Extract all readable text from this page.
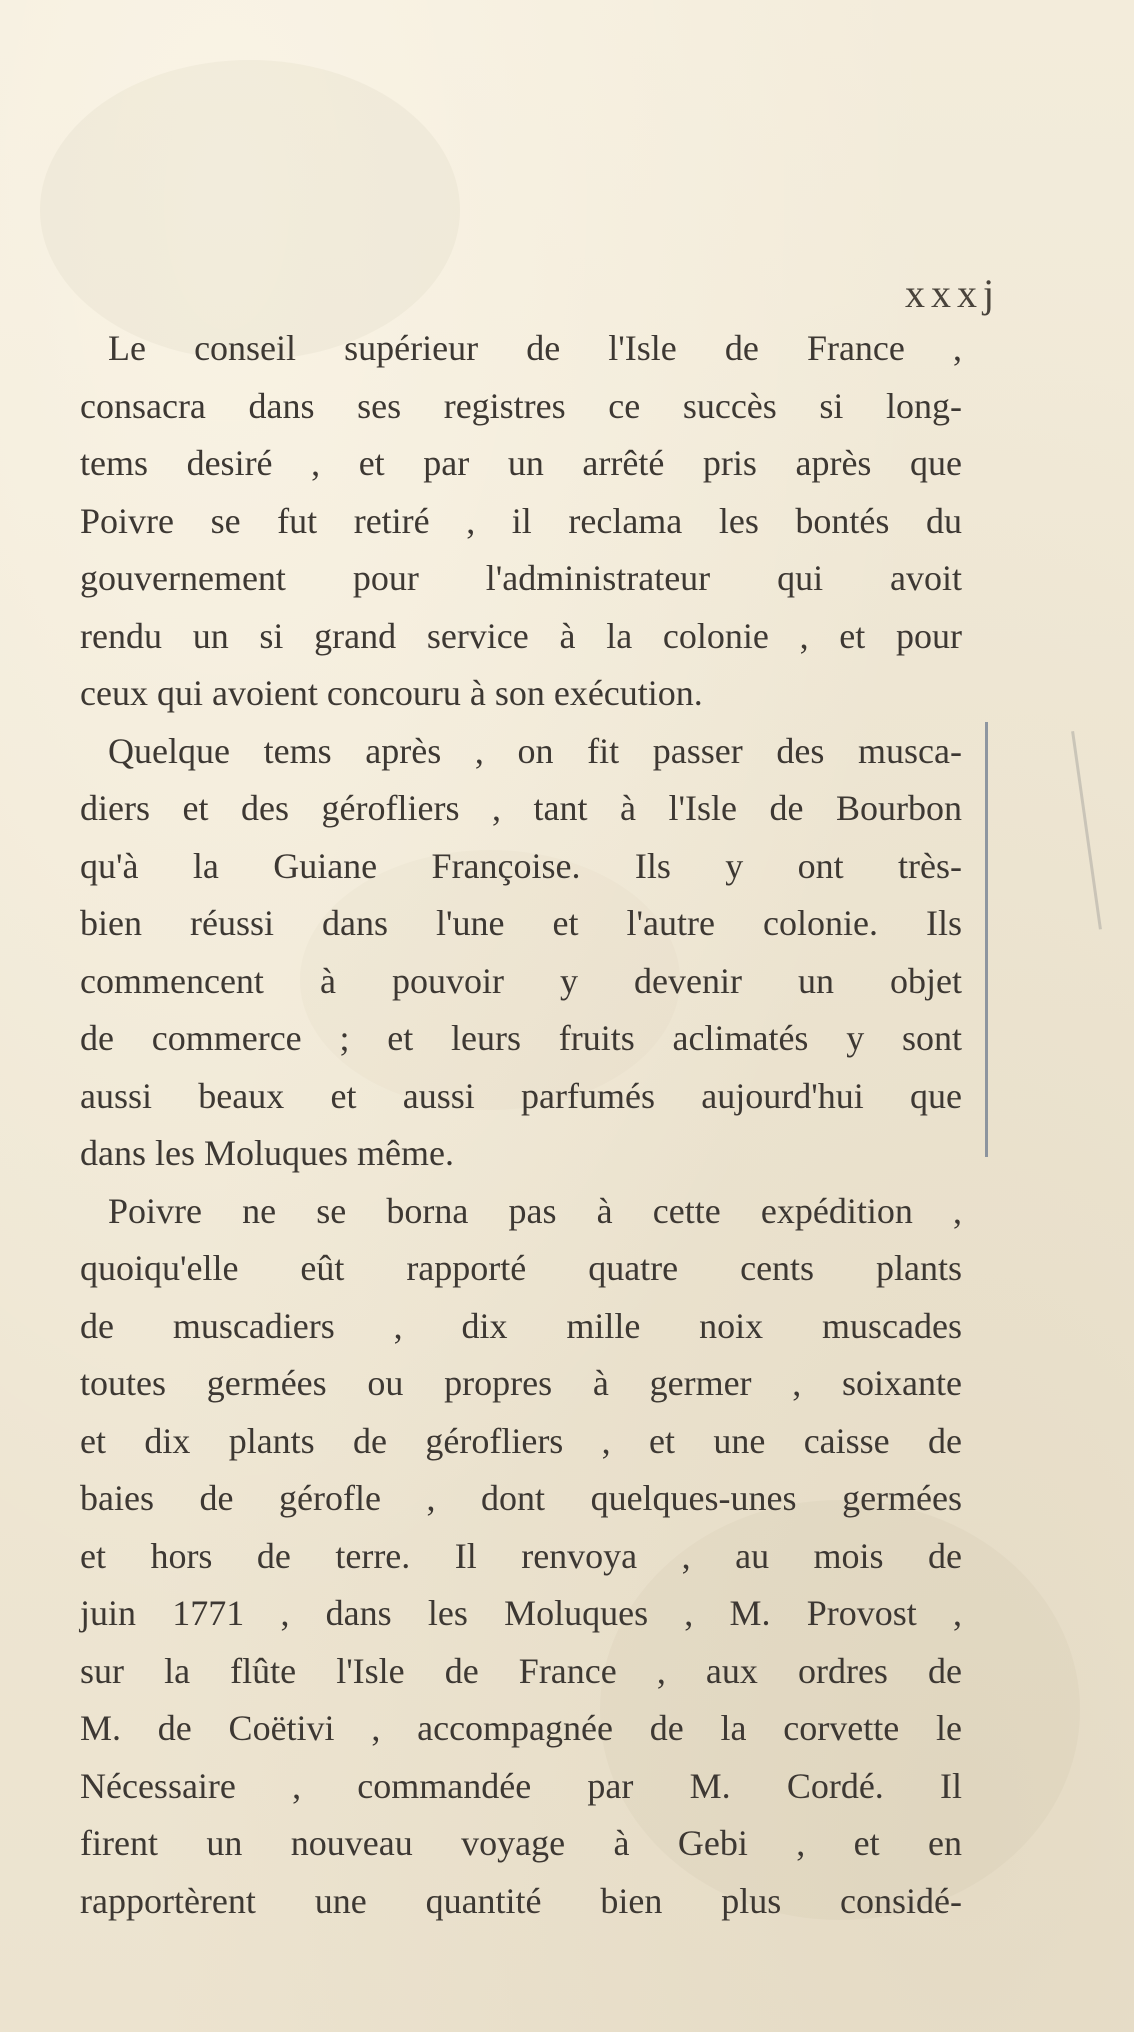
xxxj
Le conseil supérieur de l'Isle de France ,
consacra dans ses registres ce succès si long-
tems desiré , et par un arrêté pris après que
Poivre se fut retiré , il reclama les bontés du
gouvernement pour l'administrateur qui avoit
rendu un si grand service à la colonie , et pour
ceux qui avoient concouru à son exécution.
Quelque tems après , on fit passer des musca-
diers et des gérofliers , tant à l'Isle de Bourbon
qu'à la Guiane Françoise. Ils y ont très-
bien réussi dans l'une et l'autre colonie. Ils
commencent à pouvoir y devenir un objet
de commerce ; et leurs fruits aclimatés y sont
aussi beaux et aussi parfumés aujourd'hui que
dans les Moluques même.
Poivre ne se borna pas à cette expédition ,
quoiqu'elle eût rapporté quatre cents plants
de muscadiers , dix mille noix muscades
toutes germées ou propres à germer , soixante
et dix plants de gérofliers , et une caisse de
baies de gérofle , dont quelques-unes germées
et hors de terre. Il renvoya , au mois de
juin 1771 , dans les Moluques , M. Provost ,
sur la flûte l'Isle de France , aux ordres de
M. de Coëtivi , accompagnée de la corvette le
Nécessaire , commandée par M. Cordé. Il
firent un nouveau voyage à Gebi , et en
rapportèrent une quantité bien plus considé-
